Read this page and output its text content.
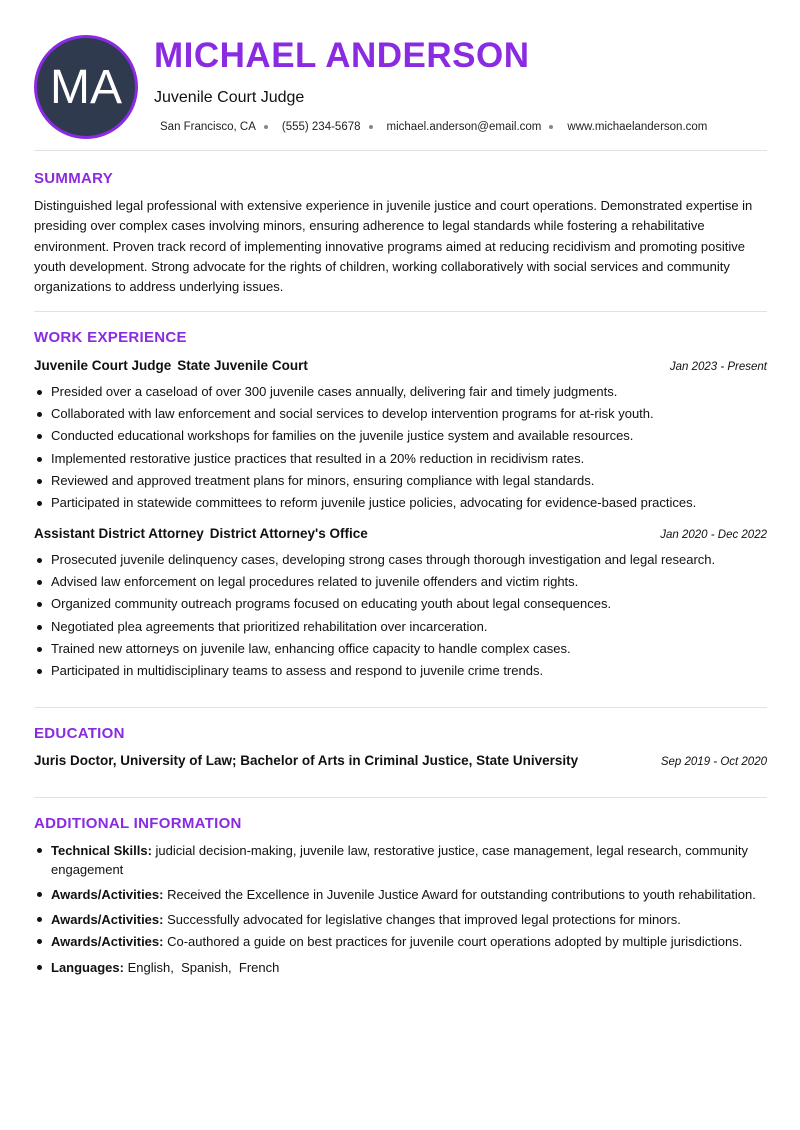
MA
MICHAEL ANDERSON
Juvenile Court Judge
San Francisco, CA (555) 234-5678 michael.anderson@email.com www.michaelanderson.com
SUMMARY

Distinguished legal professional with extensive experience in juvenile justice and court operations. Demonstrated expertise in presiding over complex cases involving minors, ensuring adherence to legal standards while fostering a rehabilitative environment. Proven track record of implementing innovative programs aimed at reducing recidivism and promoting positive youth development. Strong advocate for the rights of children, working collaboratively with social services and community organizations to address underlying issues.

WORK EXPERIENCE
Juvenile Court Judge State Juvenile Court	Jan 2023 - Present
Presided over a caseload of over 300 juvenile cases annually, delivering fair and timely judgments.
Collaborated with law enforcement and social services to develop intervention programs for at-risk youth.
Conducted educational workshops for families on the juvenile justice system and available resources.
Implemented restorative justice practices that resulted in a 20% reduction in recidivism rates.
Reviewed and approved treatment plans for minors, ensuring compliance with legal standards.
Participated in statewide committees to reform juvenile justice policies, advocating for evidence-based practices.
Assistant District Attorney District Attorney's Office	Jan 2020 - Dec 2022
Prosecuted juvenile delinquency cases, developing strong cases through thorough investigation and legal research.
Advised law enforcement on legal procedures related to juvenile offenders and victim rights.
Organized community outreach programs focused on educating youth about legal consequences.
Negotiated plea agreements that prioritized rehabilitation over incarceration.
Trained new attorneys on juvenile law, enhancing office capacity to handle complex cases.
Participated in multidisciplinary teams to assess and respond to juvenile crime trends.
EDUCATION
Juris Doctor, University of Law; Bachelor of Arts in Criminal Justice, State University	Sep 2019 - Oct 2020
ADDITIONAL INFORMATION
Technical Skills: judicial decision-making, juvenile law, restorative justice, case management, legal research, community engagement
Awards/Activities: Received the Excellence in Juvenile Justice Award for outstanding contributions to youth rehabilitation.
Awards/Activities: Successfully advocated for legislative changes that improved legal protections for minors.
Awards/Activities: Co-authored a guide on best practices for juvenile court operations adopted by multiple jurisdictions.
Languages: English,  Spanish,  French
